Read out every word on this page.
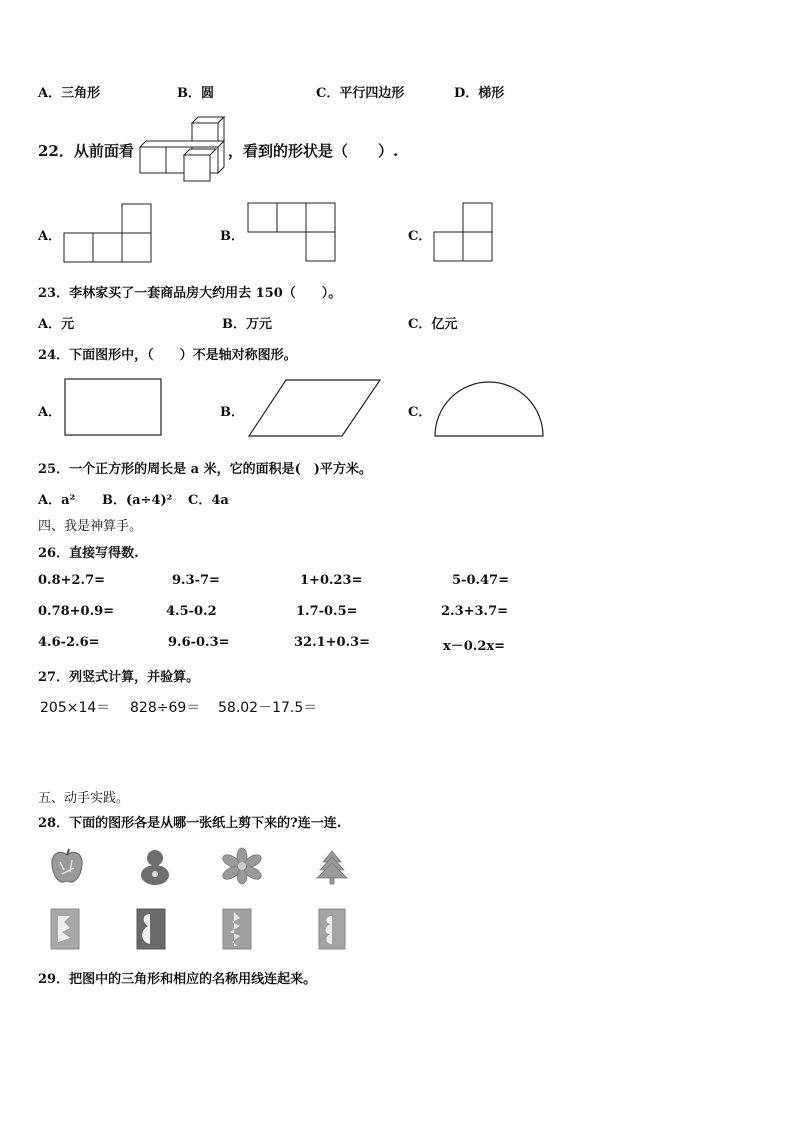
A．三角形	B．圆	C．平行四边形	D．梯形
22．从前面看	，看到的形状是（　　）.
A．	B．	C．
23．李林家买了一套商品房大约用去 150（　　）。
A．元	B．万元	C．亿元
24．下面图形中，（　　）不是轴对称图形。
A．	B．	C．
25．一个正方形的周长是 a 米，它的面积是(　)平方米。
A．a² B．(a÷4)² C．4a
四、我是神算手。
26．直接写得数.
0.8+2.7=	9.3-7=	1+0.23=	5-0.47=
0.78+0.9=	4.5-0.2	1.7-0.5=	2.3+3.7=
4.6-2.6=	9.6-0.3=	32.1+0.3=	x－0.2x=
27．列竖式计算，并验算。
205×14＝ 828÷69＝ 58.02－17.5＝
五、动手实践。
28．下面的图形各是从哪一张纸上剪下来的?连一连.
29．把图中的三角形和相应的名称用线连起来。
